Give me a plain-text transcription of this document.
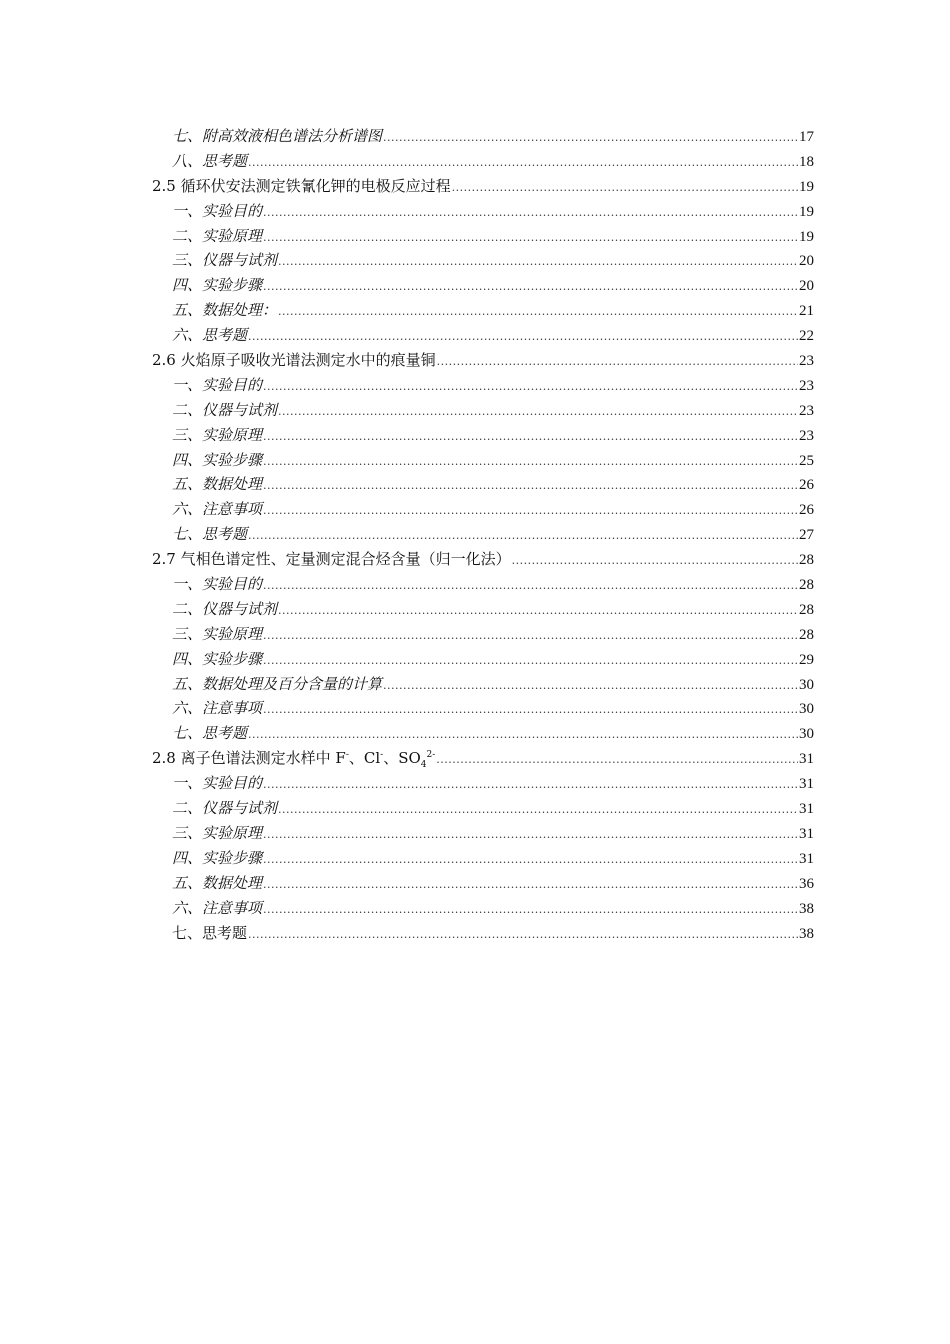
七、附高效液相色谱法分析谱图 .....	17
八、思考题 .....	18
2.5 循环伏安法测定铁氰化钾的电极反应过程 .....	19
一、实验目的 .....	19
二、实验原理 .....	19
三、仪器与试剂 .....	20
四、实验步骤 .....	20
五、数据处理： .....	21
六、思考题 .....	22
2.6 火焰原子吸收光谱法测定水中的痕量铜 .....	23
一、实验目的 .....	23
二、仪器与试剂 .....	23
三、实验原理 .....	23
四、实验步骤 .....	25
五、数据处理 .....	26
六、注意事项 .....	26
七、思考题 .....	27
2.7 气相色谱定性、定量测定混合烃含量（归一化法） .....	28
一、实验目的 .....	28
二、仪器与试剂 .....	28
三、实验原理 .....	28
四、实验步骤 .....	29
五、数据处理及百分含量的计算 .....	30
六、注意事项 .....	30
七、思考题 .....	30
2.8 离子色谱法测定水样中 F-、Cl-、$SO_4^{2-}$ .....	31
一、实验目的 .....	31
二、仪器与试剂 .....	31
三、实验原理 .....	31
四、实验步骤 .....	31
五、数据处理 .....	36
六、注意事项 .....	38
七、思考题 .....	38
